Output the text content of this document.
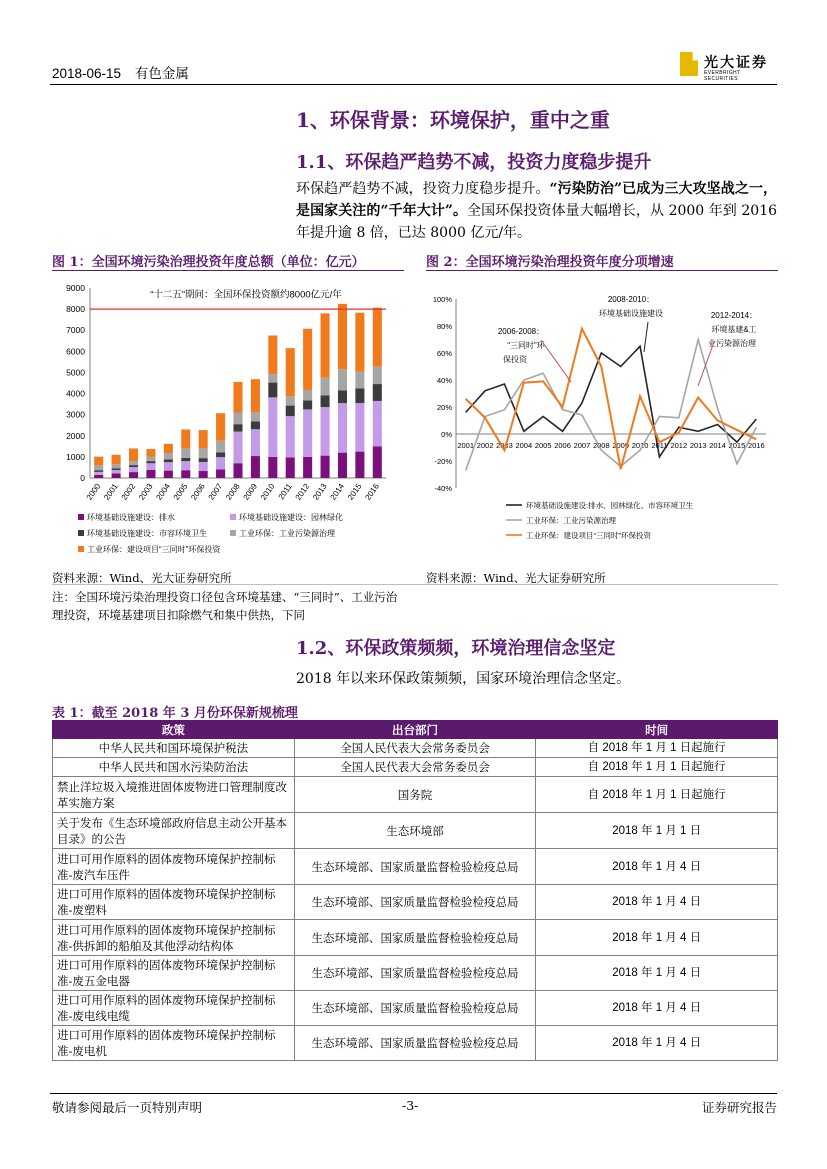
2018-06-15 有色金属
光大证券
EVERBRIGHT SECURITIES
1、环保背景：环境保护，重中之重
1.1、环保趋严趋势不减，投资力度稳步提升
环保趋严趋势不减，投资力度稳步提升。“污染防治”已成为三大攻坚战之一，是国家关注的“千年大计”。全国环保投资体量大幅增长，从 2000 年到 2016 年提升逾 8 倍，已达 8000 亿元/年。
图 1：全国环境污染治理投资年度总额（单位：亿元）	图 2：全国环境污染治理投资年度分项增速
0
1000
2000
3000
4000
5000
6000
7000
8000
9000
2000 2001 2002 2003 2004 2005 2006 2007 2008 2009 2010 2011 2012 2013 2014 2015 2016
“十二五”期间：全国环保投资额约8000亿元/年
环境基础设施建设：排水	环境基础设施建设：园林绿化
环境基础设施建设：市容环境卫生	工业环保：工业污染源治理
工业环保：建设项目“三同时”环保投资
-40%
-20%
0%
20%
40%
60%
80%
100%
2001 2002 2003 2004 2005 2006 2007 2008 2009 2010 2011 2012 2013 2014 2015 2016
2008-2010：
环境基础设施建设
2006-2008：
“三同时”环
保投资
2012-2014：
环境基建&工
业污染源治理
环境基础设施建设:排水、园林绿化、市容环境卫生
工业环保：工业污染源治理
工业环保：建设项目“三同时”环保投资
资料来源：Wind、光大证券研究所	资料来源：Wind、光大证券研究所
注：全国环境污染治理投资口径包含环境基建、“三同时”、工业污治理投资，环境基建项目扣除燃气和集中供热，下同
1.2、环保政策频频，环境治理信念坚定
2018 年以来环保政策频频，国家环境治理信念坚定。
表 1：截至 2018 年 3 月份环保新规梳理
政策	出台部门	时间
中华人民共和国环境保护税法	全国人民代表大会常务委员会	自 2018 年 1 月 1 日起施行
中华人民共和国水污染防治法	全国人民代表大会常务委员会	自 2018 年 1 月 1 日起施行
禁止洋垃圾入境推进固体废物进口管理制度改革实施方案	国务院	自 2018 年 1 月 1 日起施行
关于发布《生态环境部政府信息主动公开基本目录》的公告	生态环境部	2018 年 1 月 1 日
进口可用作原料的固体废物环境保护控制标准-废汽车压件	生态环境部、国家质量监督检验检疫总局	2018 年 1 月 4 日
进口可用作原料的固体废物环境保护控制标准-废塑料	生态环境部、国家质量监督检验检疫总局	2018 年 1 月 4 日
进口可用作原料的固体废物环境保护控制标准-供拆卸的船舶及其他浮动结构体	生态环境部、国家质量监督检验检疫总局	2018 年 1 月 4 日
进口可用作原料的固体废物环境保护控制标准-废五金电器	生态环境部、国家质量监督检验检疫总局	2018 年 1 月 4 日
进口可用作原料的固体废物环境保护控制标准-废电线电缆	生态环境部、国家质量监督检验检疫总局	2018 年 1 月 4 日
进口可用作原料的固体废物环境保护控制标准-废电机	生态环境部、国家质量监督检验检疫总局	2018 年 1 月 4 日
敬请参阅最后一页特别声明	-3-	证券研究报告
